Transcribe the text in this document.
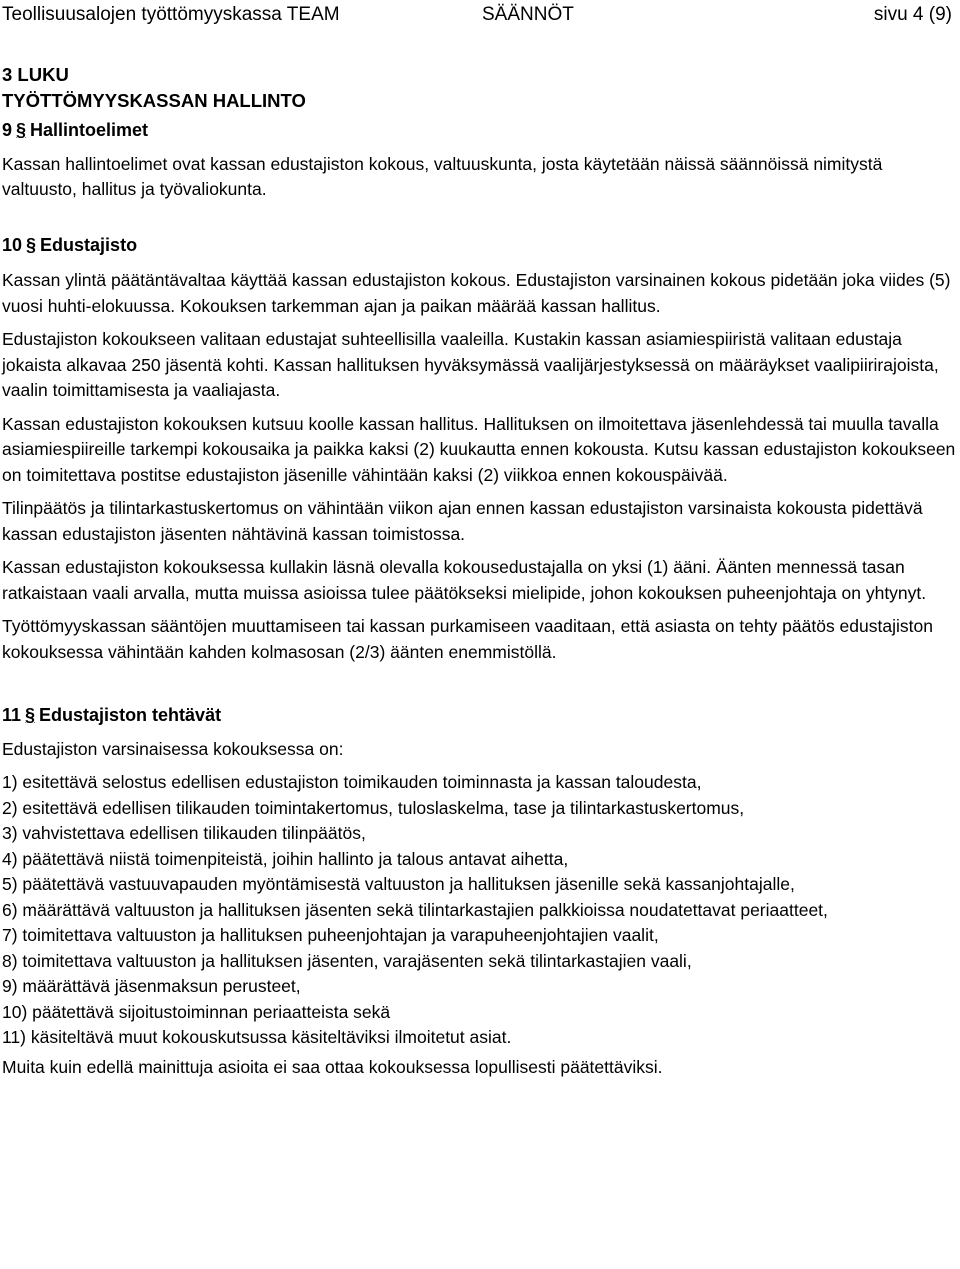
Teollisuusalojen työttömyyskassa TEAM	SÄÄNNÖT	sivu 4 (9)
3 LUKU
TYÖTTÖMYYSKASSAN HALLINTO
9 § Hallintoelimet

Kassan hallintoelimet ovat kassan edustajiston kokous, valtuuskunta, josta käytetään näissä säännöissä nimitystä valtuusto, hallitus ja työvaliokunta.

10 § Edustajisto

Kassan ylintä päätäntävaltaa käyttää kassan edustajiston kokous. Edustajiston varsinainen kokous pidetään joka viides (5) vuosi huhti-elokuussa. Kokouksen tarkemman ajan ja paikan määrää kassan hallitus.

Edustajiston kokoukseen valitaan edustajat suhteellisilla vaaleilla. Kustakin kassan asiamiespiiristä valitaan edustaja jokaista alkavaa 250 jäsentä kohti. Kassan hallituksen hyväksymässä vaalijärjestyksessä on määräykset vaalipiirirajoista, vaalin toimittamisesta ja vaaliajasta.

Kassan edustajiston kokouksen kutsuu koolle kassan hallitus. Hallituksen on ilmoitettava jäsenlehdessä tai muulla tavalla asiamiespiireille tarkempi kokousaika ja paikka kaksi (2) kuukautta ennen kokousta. Kutsu kassan edustajiston kokoukseen on toimitettava postitse edustajiston jäsenille vähintään kaksi (2) viikkoa ennen kokouspäivää.

Tilinpäätös ja tilintarkastuskertomus on vähintään viikon ajan ennen kassan edustajiston varsinaista kokousta pidettävä kassan edustajiston jäsenten nähtävinä kassan toimistossa.

Kassan edustajiston kokouksessa kullakin läsnä olevalla kokousedustajalla on yksi (1) ääni. Äänten mennessä tasan ratkaistaan vaali arvalla, mutta muissa asioissa tulee päätökseksi mielipide, johon kokouksen puheenjohtaja on yhtynyt.

Työttömyyskassan sääntöjen muuttamiseen tai kassan purkamiseen vaaditaan, että asiasta on tehty päätös edustajiston kokouksessa vähintään kahden kolmasosan (2/3) äänten enemmistöllä.

11 § Edustajiston tehtävät

Edustajiston varsinaisessa kokouksessa on:

1) esitettävä selostus edellisen edustajiston toimikauden toiminnasta ja kassan taloudesta,
2) esitettävä edellisen tilikauden toimintakertomus, tuloslaskelma, tase ja tilintarkastuskertomus,
3) vahvistettava edellisen tilikauden tilinpäätös,
4) päätettävä niistä toimenpiteistä, joihin hallinto ja talous antavat aihetta,
5) päätettävä vastuuvapauden myöntämisestä valtuuston ja hallituksen jäsenille sekä kassanjohtajalle,
6) määrättävä valtuuston ja hallituksen jäsenten sekä tilintarkastajien palkkioissa noudatettavat periaatteet,
7) toimitettava valtuuston ja hallituksen puheenjohtajan ja varapuheenjohtajien vaalit,
8) toimitettava valtuuston ja hallituksen jäsenten, varajäsenten sekä tilintarkastajien vaali,
9) määrättävä jäsenmaksun perusteet,
10) päätettävä sijoitustoiminnan periaatteista sekä
11) käsiteltävä muut kokouskutsussa käsiteltäviksi ilmoitetut asiat.

Muita kuin edellä mainittuja asioita ei saa ottaa kokouksessa lopullisesti päätettäviksi.
